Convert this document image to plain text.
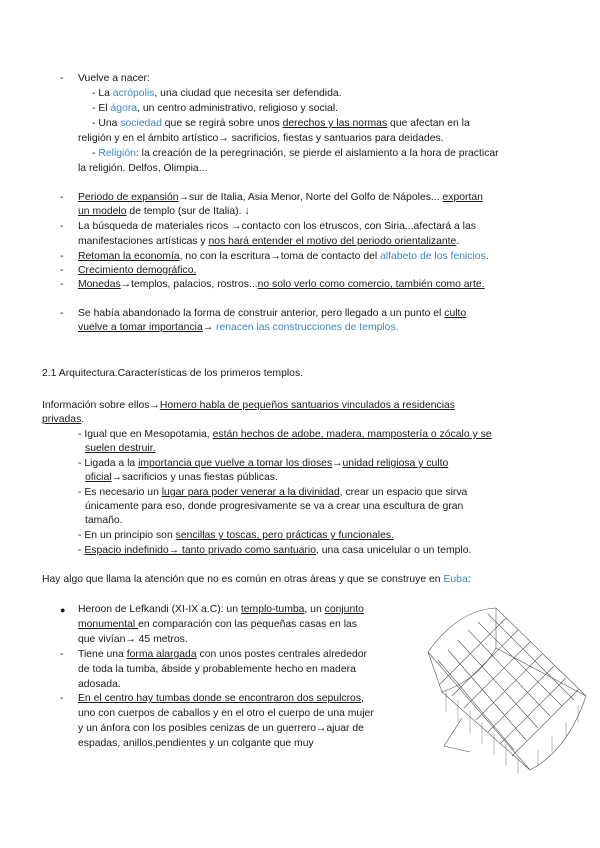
- Vuelve a nacer:
- La acrópolis, una ciudad que necesita ser defendida.
- El ágora, un centro administrativo, religioso y social.
- Una sociedad que se regirá sobre unos derechos y las normas que afectan en la
religión y en el ámbito artístico→ sacrificios, fiestas y santuarios para deidades.
- Religión: la creación de la peregrinación, se pierde el aislamiento a la hora de practicar
la religión. Delfos, Olimpia...
- Periodo de expansión→sur de Italia, Asia Menor, Norte del Golfo de Nápoles... exportan
un modelo de templo (sur de Italia). ↓
- La búsqueda de materiales ricos →contacto con los etruscos, con Siria...afectará a las
manifestaciones artísticas y nos hará entender el motivo del periodo orientalizante.
- Retoman la economía, no con la escritura→toma de contacto del alfabeto de los fenicios.
- Crecimiento demográfico.
- Monedas→templos, palacios, rostros...no solo verlo como comercio, también como arte.
- Se había abandonado la forma de construir anterior, pero llegado a un punto el culto
vuelve a tomar importancia→ renacen las construcciones de templos.
2.1 Arquitectura.Características de los primeros templos.
Información sobre ellos→Homero habla de pequeños santuarios vinculados a residencias
privadas.
- Igual que en Mesopotamia, están hechos de adobe, madera, mampostería o zócalo y se
suelen destruir.
- Ligada a la importancia que vuelve a tomar los dioses→unidad religiosa y culto
oficial→sacrificios y unas fiestas públicas.
- Es necesario un lugar para poder venerar a la divinidad, crear un espacio que sirva
únicamente para eso, donde progresivamente se va a crear una escultura de gran
tamaño.
- En un principio son sencillas y toscas, pero prácticas y funcionales.
- Espacio indefinido→ tanto privado como santuario, una casa unicelular o un templo.
Hay algo que llama la atención que no es común en otras áreas y que se construye en Euba:
● Heroon de Lefkandi (XI-IX a.C): un templo-tumba, un conjunto
monumental en comparación con las pequeñas casas en las
que vivían→ 45 metros.
- Tiene una forma alargada con unos postes centrales alrededor
de toda la tumba, ábside y probablemente hecho en madera
adosada.
- En el centro hay tumbas donde se encontraron dos sepulcros,
uno con cuerpos de caballos y en el otro el cuerpo de una mujer
y un ánfora con los posibles cenizas de un guerrero→ajuar de
espadas, anillos,pendientes y un colgante que muy
